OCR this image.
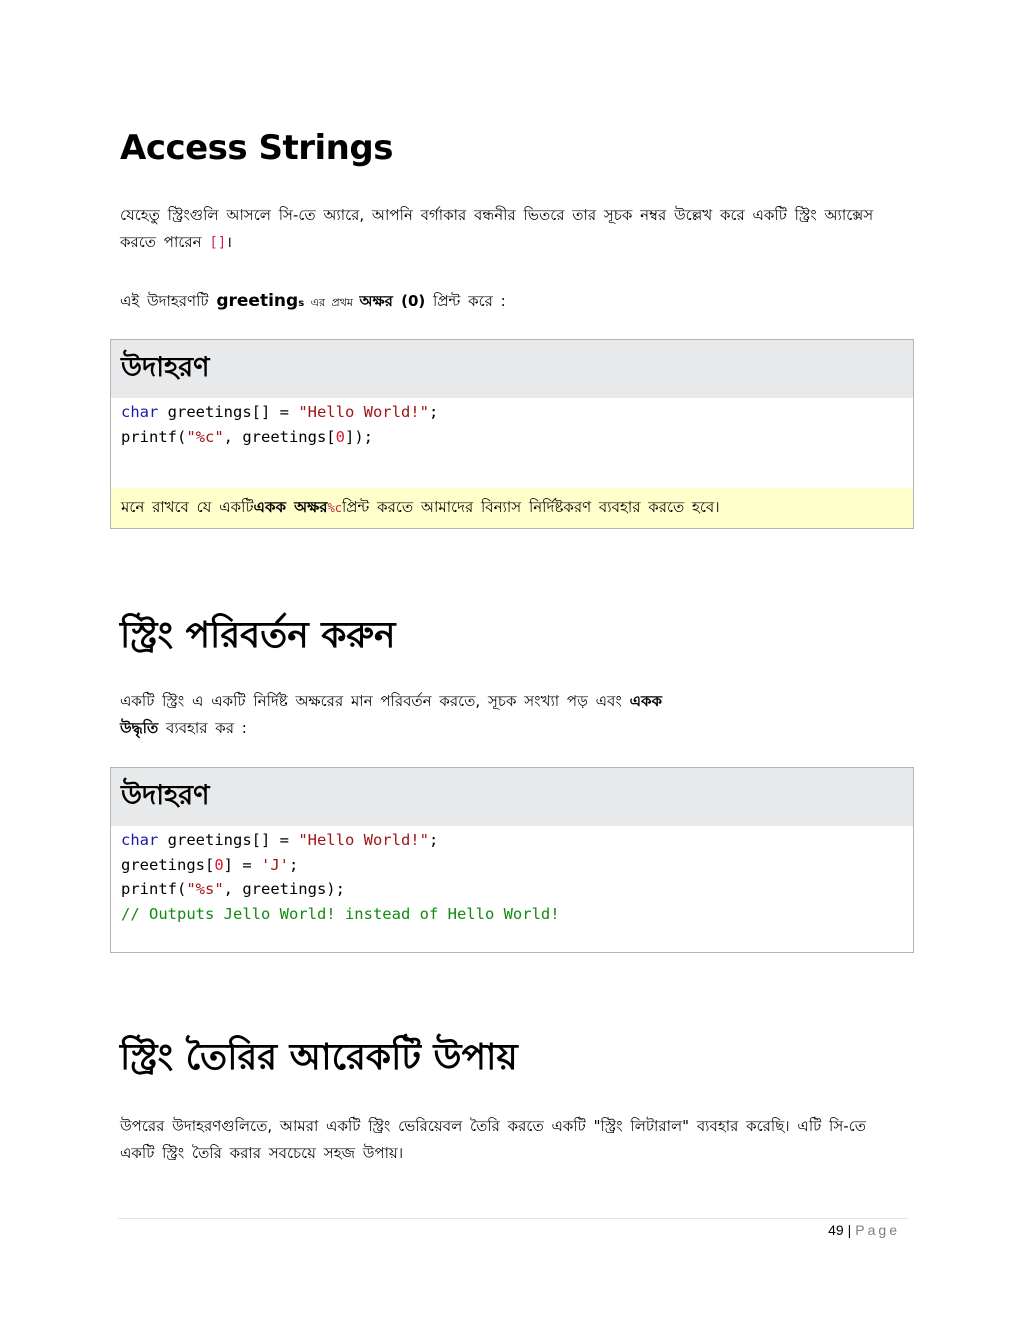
Access Strings

যেহেতু স্ট্রিংগুলি আসলে সি-তে অ্যারে, আপনি বর্গাকার বন্ধনীর ভিতরে তার সূচক নম্বর উল্লেখ করে একটি স্ট্রিং অ্যাক্সেস করতে পারেন []।

এই উদাহরণটি greetings এর প্রথম অক্ষর (0) প্রিন্ট করে :

উদাহরণ
char greetings[] = "Hello World!";
printf("%c", greetings[0]);
মনে রাখবে যে একটি একক অক্ষর %c প্রিন্ট করতে আমাদের বিন্যাস নির্দিষ্টকরণ ব্যবহার করতে হবে।
স্ট্রিং পরিবর্তন করুন

একটি স্ট্রিং এ একটি নির্দিষ্ট অক্ষরের মান পরিবর্তন করতে, সূচক সংখ্যা পড় এবং একক
উদ্ধৃতি ব্যবহার কর :

উদাহরণ
char greetings[] = "Hello World!";
greetings[0] = 'J';
printf("%s", greetings);
// Outputs Jello World! instead of Hello World!
স্ট্রিং তৈরির আরেকটি উপায়

উপরের উদাহরণগুলিতে, আমরা একটি স্ট্রিং ভেরিয়েবল তৈরি করতে একটি "স্ট্রিং লিটারাল" ব্যবহার করেছি। এটি সি-তে একটি স্ট্রিং তৈরি করার সবচেয়ে সহজ উপায়।

49 | Page
